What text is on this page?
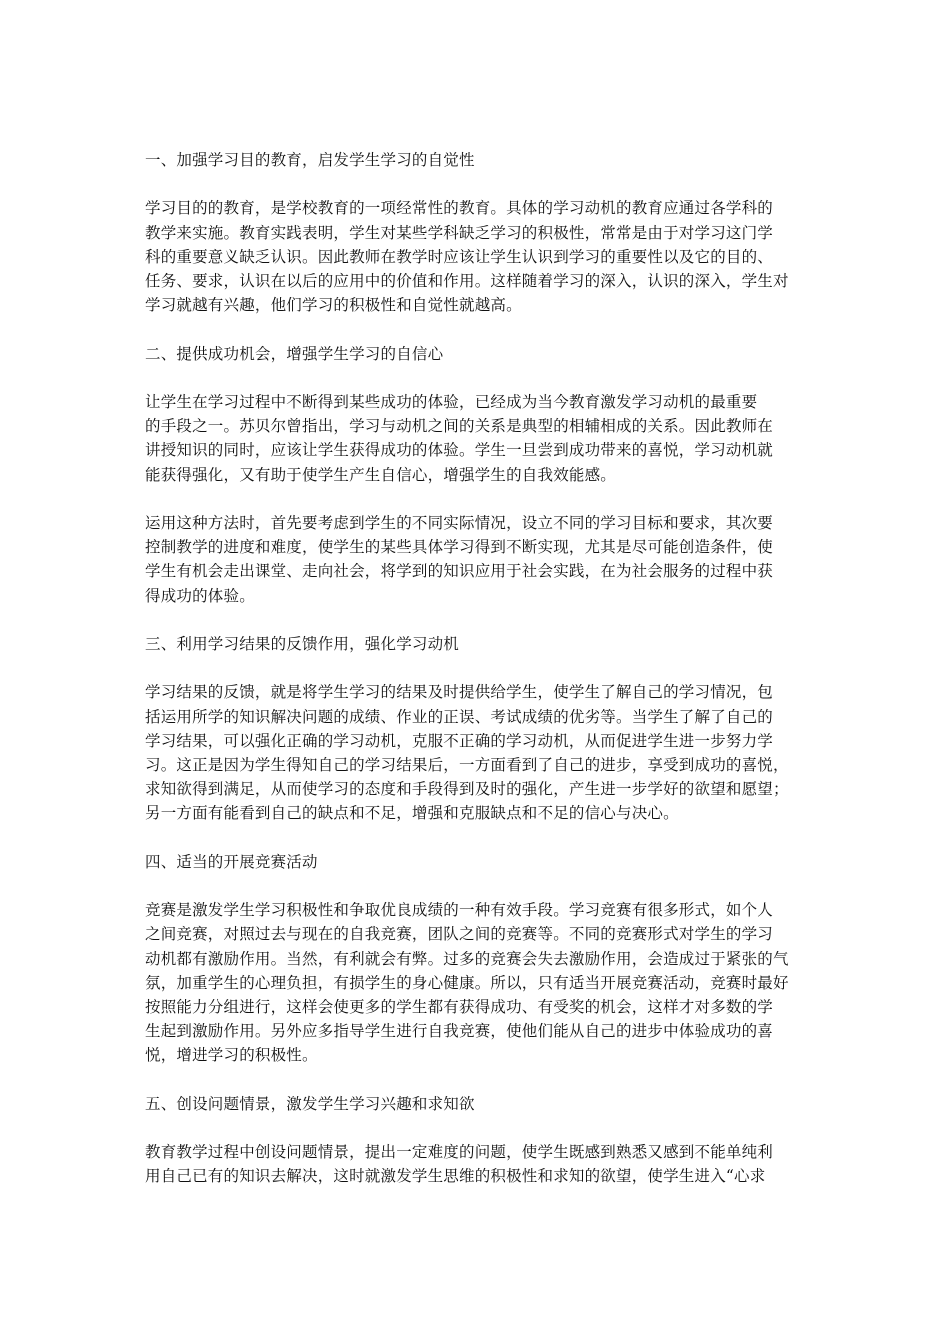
一、加强学习目的教育，启发学生学习的自觉性
学习目的的教育，是学校教育的一项经常性的教育。具体的学习动机的教育应通过各学科的
教学来实施。教育实践表明，学生对某些学科缺乏学习的积极性，常常是由于对学习这门学
科的重要意义缺乏认识。因此教师在教学时应该让学生认识到学习的重要性以及它的目的、
任务、要求，认识在以后的应用中的价值和作用。这样随着学习的深入，认识的深入，学生对
学习就越有兴趣，他们学习的积极性和自觉性就越高。
二、提供成功机会，增强学生学习的自信心
让学生在学习过程中不断得到某些成功的体验，已经成为当今教育激发学习动机的最重要
的手段之一。苏贝尔曾指出，学习与动机之间的关系是典型的相辅相成的关系。因此教师在
讲授知识的同时，应该让学生获得成功的体验。学生一旦尝到成功带来的喜悦，学习动机就
能获得强化，又有助于使学生产生自信心，增强学生的自我效能感。
运用这种方法时，首先要考虑到学生的不同实际情况，设立不同的学习目标和要求，其次要
控制教学的进度和难度，使学生的某些具体学习得到不断实现，尤其是尽可能创造条件，使
学生有机会走出课堂、走向社会，将学到的知识应用于社会实践，在为社会服务的过程中获
得成功的体验。
三、利用学习结果的反馈作用，强化学习动机
学习结果的反馈，就是将学生学习的结果及时提供给学生，使学生了解自己的学习情况，包
括运用所学的知识解决问题的成绩、作业的正误、考试成绩的优劣等。当学生了解了自己的
学习结果，可以强化正确的学习动机，克服不正确的学习动机，从而促进学生进一步努力学
习。这正是因为学生得知自己的学习结果后，一方面看到了自己的进步，享受到成功的喜悦，
求知欲得到满足，从而使学习的态度和手段得到及时的强化，产生进一步学好的欲望和愿望；
另一方面有能看到自己的缺点和不足，增强和克服缺点和不足的信心与决心。
四、适当的开展竞赛活动
竞赛是激发学生学习积极性和争取优良成绩的一种有效手段。学习竞赛有很多形式，如个人
之间竞赛，对照过去与现在的自我竞赛，团队之间的竞赛等。不同的竞赛形式对学生的学习
动机都有激励作用。当然，有利就会有弊。过多的竞赛会失去激励作用，会造成过于紧张的气
氛，加重学生的心理负担，有损学生的身心健康。所以，只有适当开展竞赛活动，竞赛时最好
按照能力分组进行，这样会使更多的学生都有获得成功、有受奖的机会，这样才对多数的学
生起到激励作用。另外应多指导学生进行自我竞赛，使他们能从自己的进步中体验成功的喜
悦，增进学习的积极性。
五、创设问题情景，激发学生学习兴趣和求知欲
教育教学过程中创设问题情景，提出一定难度的问题，使学生既感到熟悉又感到不能单纯利
用自己已有的知识去解决，这时就激发学生思维的积极性和求知的欲望，使学生进入“心求
